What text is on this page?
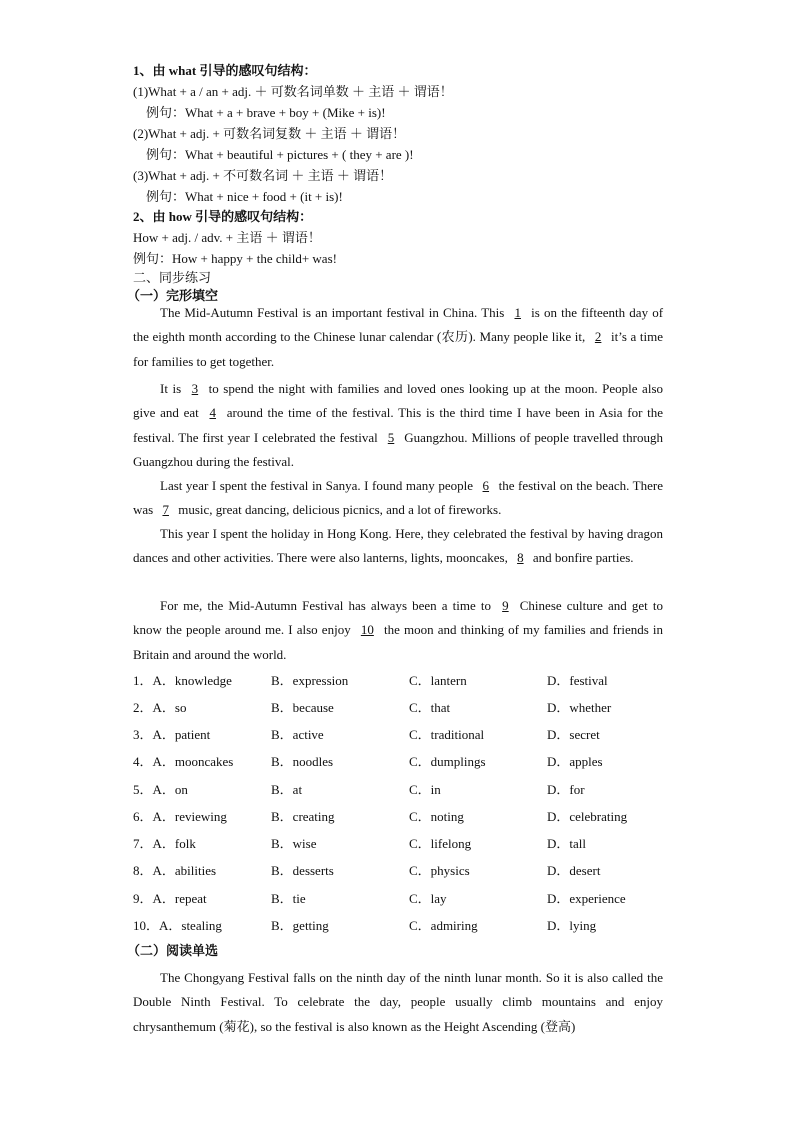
1、由 what 引导的感叹句结构：
(1)What + a / an + adj. ＋ 可数名词单数 ＋ 主语 ＋ 谓语！
例句：What + a + brave + boy + (Mike + is)!
(2)What + adj. + 可数名词复数 ＋ 主语 ＋ 谓语！
例句：What + beautiful + pictures + ( they + are )!
(3)What + adj. + 不可数名词 ＋ 主语 ＋ 谓语！
例句：What + nice + food + (it + is)!
2、由 how 引导的感叹句结构：
How + adj. / adv. + 主语 ＋ 谓语！
例句：How + happy + the child+ was!
二、同步练习
（一）完形填空

The Mid-Autumn Festival is an important festival in China. This 1 is on the fifteenth day of the eighth month according to the Chinese lunar calendar (农历). Many people like it, 2 it’s a time for families to get together.

It is 3 to spend the night with families and loved ones looking up at the moon. People also give and eat 4 around the time of the festival. This is the third time I have been in Asia for the festival. The first year I celebrated the festival 5 Guangzhou. Millions of people travelled through Guangzhou during the festival.

Last year I spent the festival in Sanya. I found many people 6 the festival on the beach. There was 7 music, great dancing, delicious picnics, and a lot of fireworks.

This year I spent the holiday in Hong Kong. Here, they celebrated the festival by having dragon dances and other activities. There were also lanterns, lights, mooncakes, 8 and bonfire parties.

For me, the Mid-Autumn Festival has always been a time to 9 Chinese culture and get to know the people around me. I also enjoy 10 the moon and thinking of my families and friends in Britain and around the world.

1．A．knowledge	B．expression	C．lantern	D．festival
2．A．so	B．because	C．that	D．whether
3．A．patient	B．active	C．traditional	D．secret
4．A．mooncakes	B．noodles	C．dumplings	D．apples
5．A．on	B．at	C．in	D．for
6．A．reviewing	B．creating	C．noting	D．celebrating
7．A．folk	B．wise	C．lifelong	D．tall
8．A．abilities	B．desserts	C．physics	D．desert
9．A．repeat	B．tie	C．lay	D．experience
10．A．stealing	B．getting	C．admiring	D．lying
（二）阅读单选

The Chongyang Festival falls on the ninth day of the ninth lunar month. So it is also called the Double Ninth Festival. To celebrate the day, people usually climb mountains and enjoy chrysanthemum (菊花), so the festival is also known as the Height Ascending (登高)
